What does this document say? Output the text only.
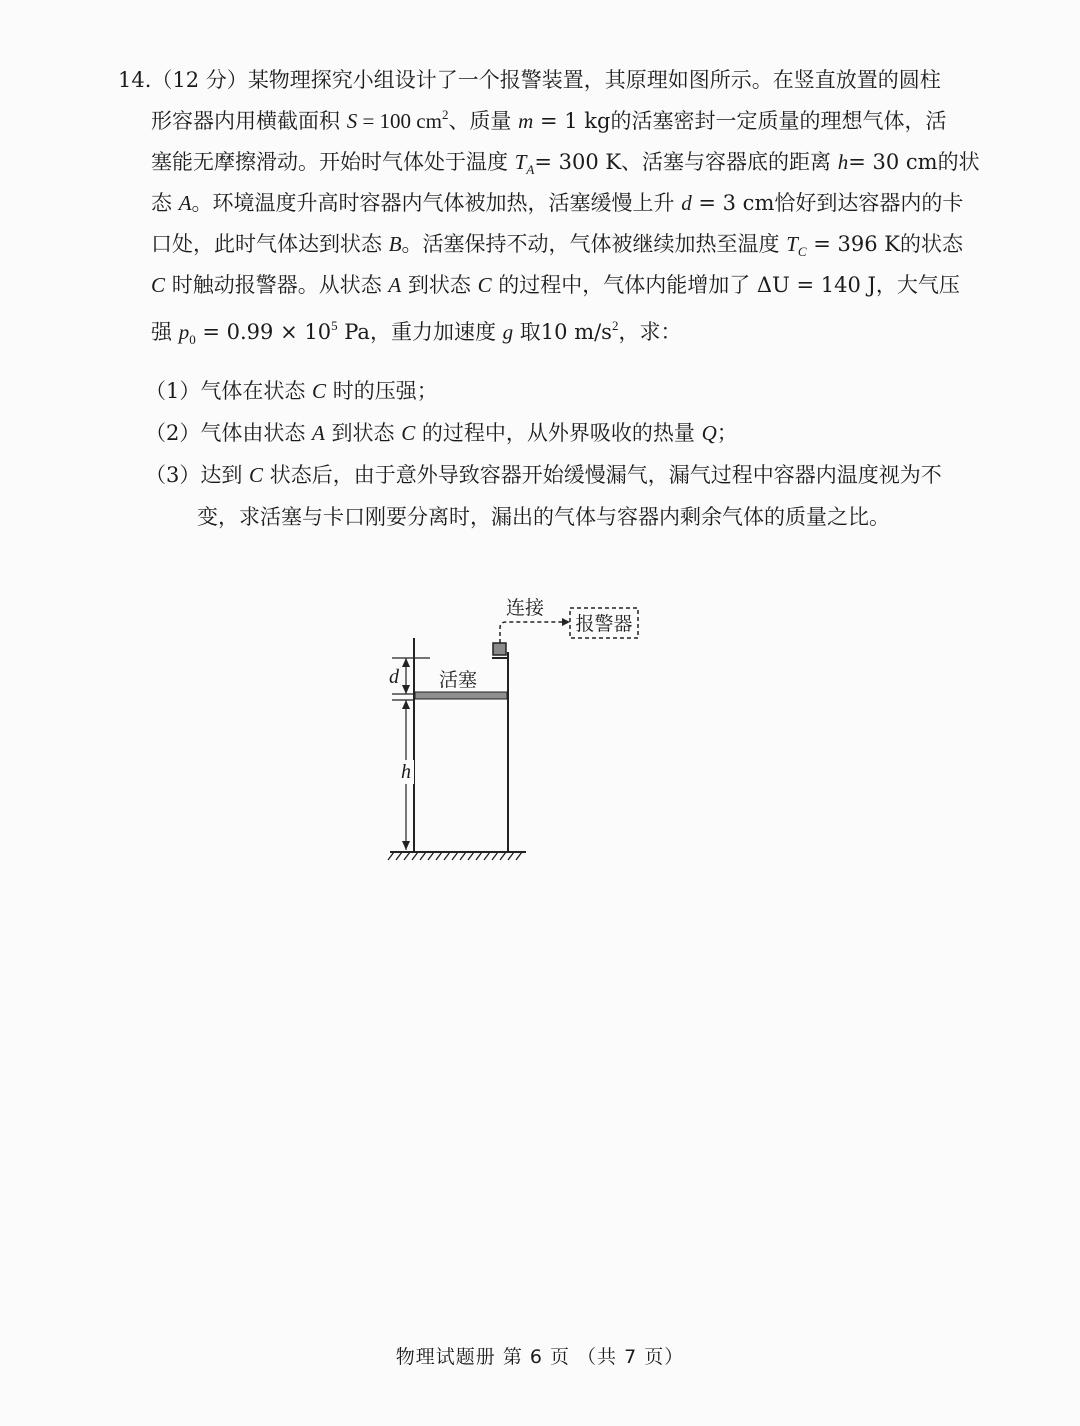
14.（12 分）某物理探究小组设计了一个报警装置，其原理如图所示。在竖直放置的圆柱
形容器内用横截面积 S = 100 $cm^2$、质量 m = 1 kg的活塞密封一定质量的理想气体，活
塞能无摩擦滑动。开始时气体处于温度 $T_A= 300$ K、活塞与容器底的距离 h= 30 cm的状
态 A。环境温度升高时容器内气体被加热，活塞缓慢上升 d = 3 cm恰好到达容器内的卡
口处，此时气体达到状态 B。活塞保持不动，气体被继续加热至温度 $T_C = 396$ K的状态
C 时触动报警器。从状态 A 到状态 C 的过程中，气体内能增加了 ΔU = 140 J，大气压
强 $p_0 = 0.99 \times 10^5$ Pa，重力加速度 g 取10 $m/s^2$，求：
（1）气体在状态 C 时的压强；
（2）气体由状态 A 到状态 C 的过程中，从外界吸收的热量 Q；
（3）达到 C 状态后，由于意外导致容器开始缓慢漏气，漏气过程中容器内温度视为不
变，求活塞与卡口刚要分离时，漏出的气体与容器内剩余气体的质量之比。
报警器
连接
活塞
d
h
物理试题册 第 6 页 （共 7 页）
